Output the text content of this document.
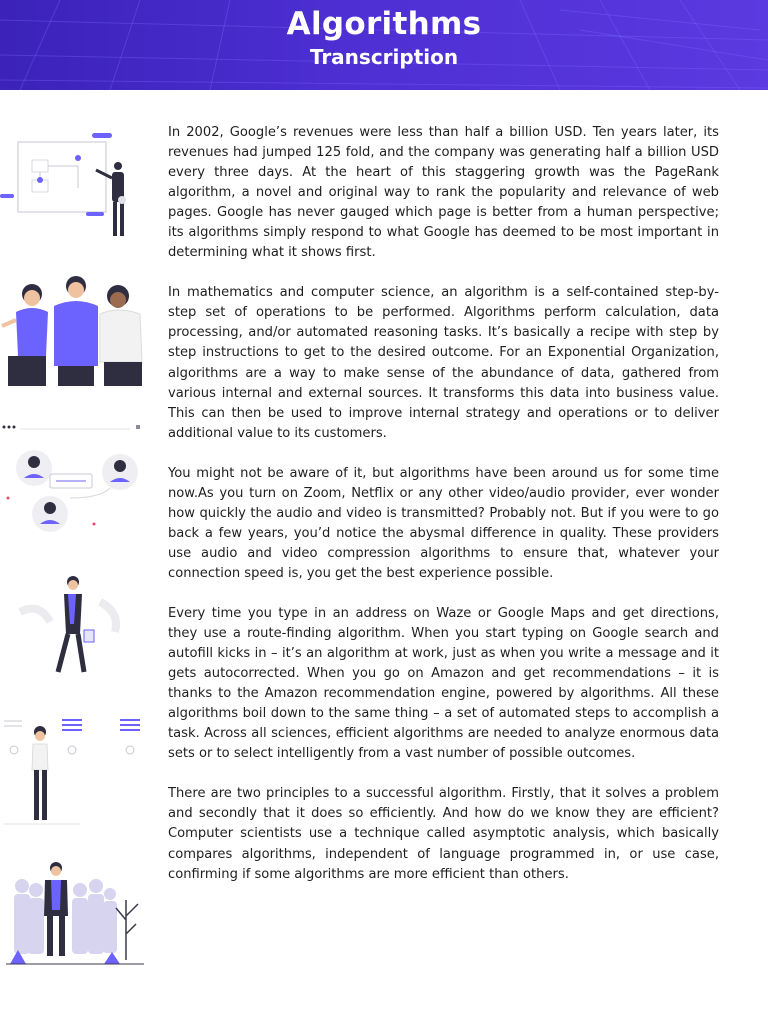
Algorithms
Transcription

In 2002, Google’s revenues were less than half a billion USD. Ten years later, its revenues had jumped 125 fold, and the company was generating half a billion USD every three days. At the heart of this staggering growth was the PageRank algorithm, a novel and original way to rank the popularity and relevance of web pages. Google has never gauged which page is better from a human perspective; its algorithms simply respond to what Google has deemed to be most important in determining what it shows first.

In mathematics and computer science, an algorithm is a self-contained step-by-step set of operations to be performed. Algorithms perform calculation, data processing, and/or automated reasoning tasks. It’s basically a recipe with step by step instructions to get to the desired outcome. For an Exponential Organization, algorithms are a way to make sense of the abundance of data, gathered from various internal and external sources. It transforms this data into business value. This can then be used to improve internal strategy and operations or to deliver additional value to its customers.

You might not be aware of it, but algorithms have been around us for some time now.As you turn on Zoom, Netflix or any other video/audio provider, ever wonder how quickly the audio and video is transmitted? Probably not. But if you were to go back a few years, you’d notice the abysmal difference in quality. These providers use audio and video compression algorithms to ensure that, whatever your connection speed is, you get the best experience possible.

Every time you type in an address on Waze or Google Maps and get directions, they use a route-finding algorithm. When you start typing on Google search and autofill kicks in – it’s an algorithm at work, just as when you write a message and it gets autocorrected. When you go on Amazon and get recommendations – it is thanks to the Amazon recommendation engine, powered by algorithms. All these algorithms boil down to the same thing – a set of automated steps to accomplish a task. Across all sciences, efficient algorithms are needed to analyze enormous data sets or to select intelligently from a vast number of possible outcomes.

There are two principles to a successful algorithm. Firstly, that it solves a problem and secondly that it does so efficiently. And how do we know they are efficient? Computer scientists use a technique called asymptotic analysis, which basically compares algorithms, independent of language programmed in, or use case, confirming if some algorithms are more efficient than others.
